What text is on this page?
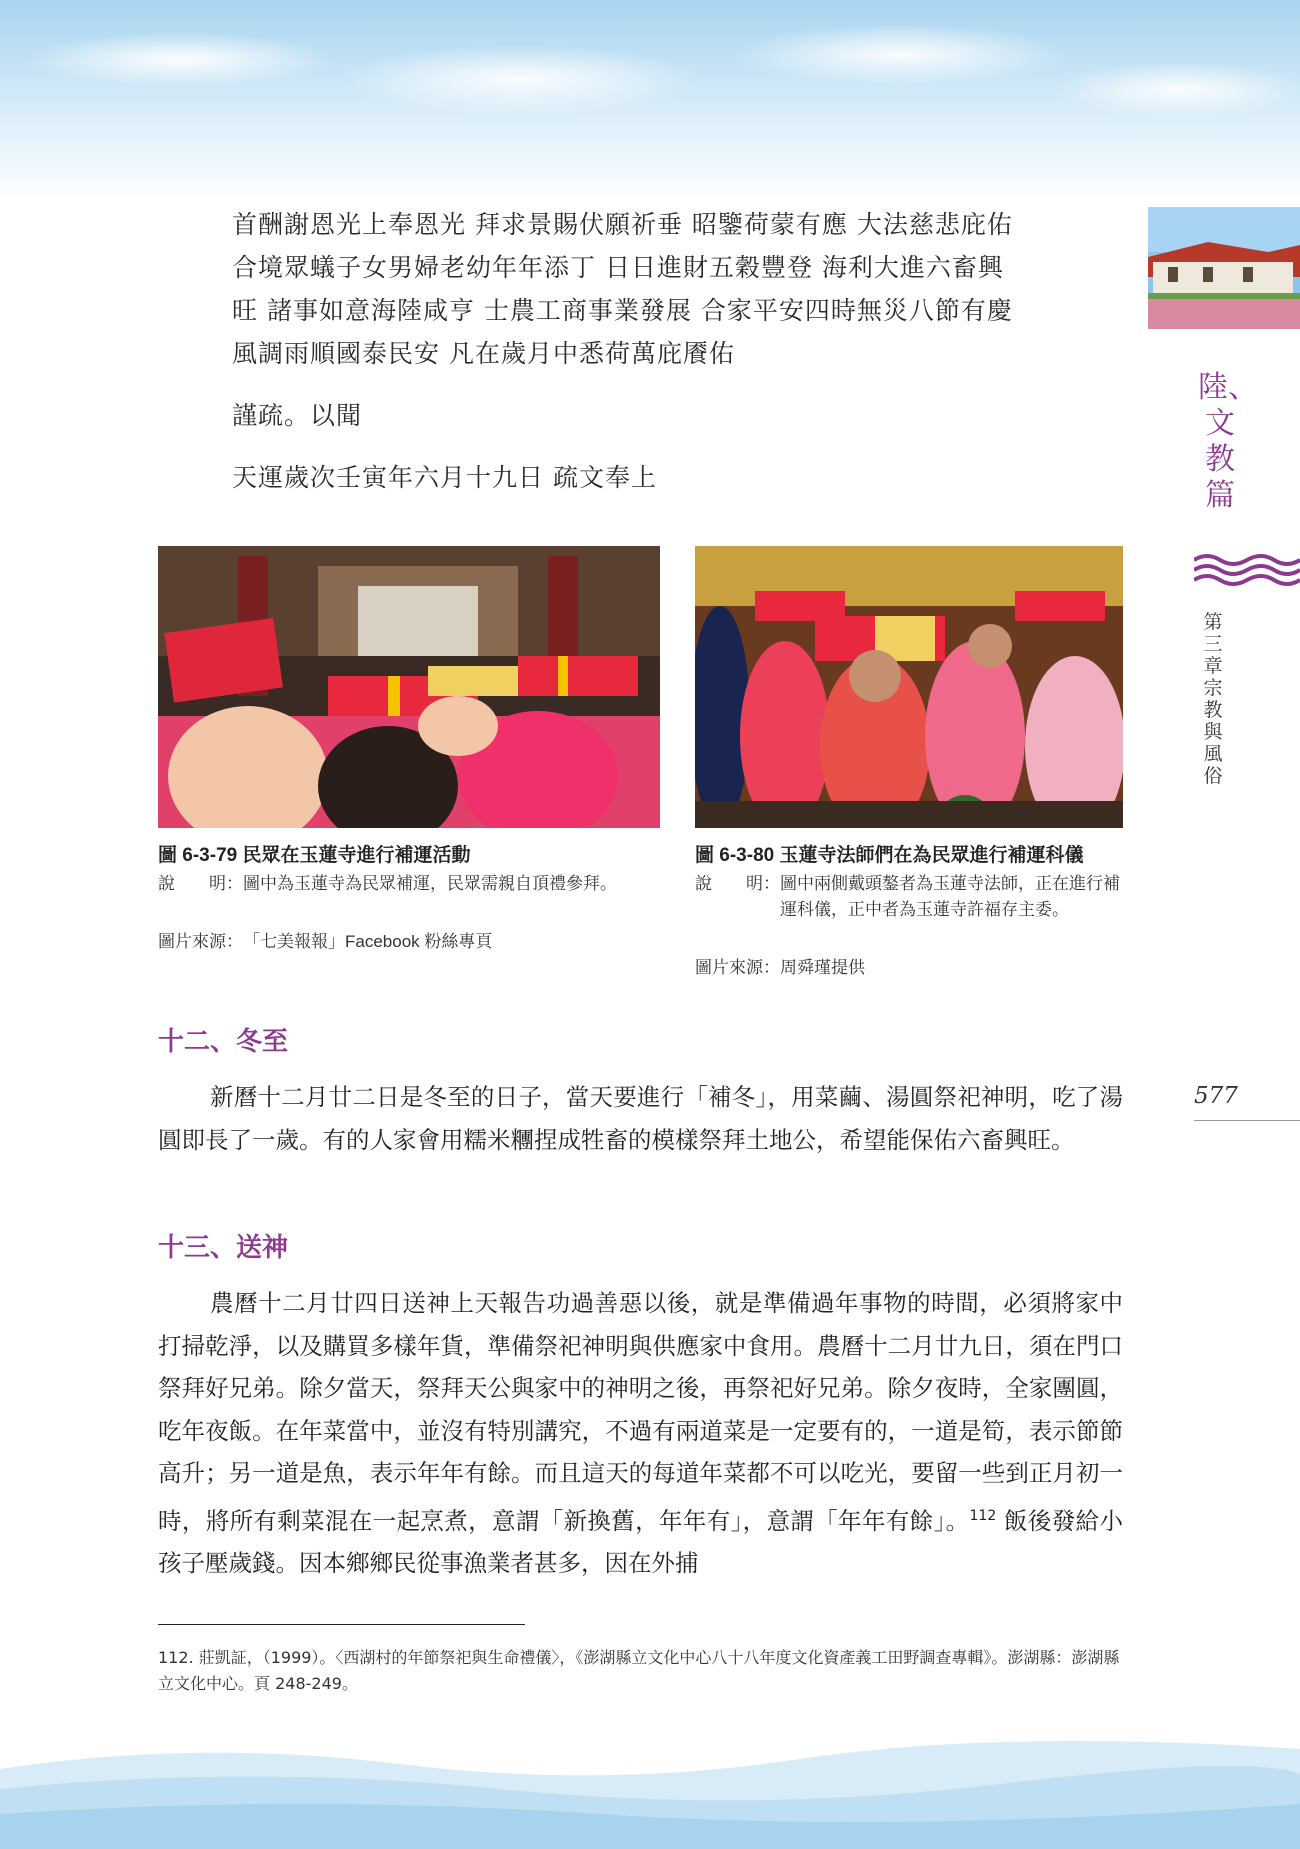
首酬謝恩光上奉恩光 拜求景賜伏願祈垂 昭鑒荷蒙有應 大法慈悲庇佑
合境眾蟻子女男婦老幼年年添丁 日日進財五穀豐登 海利大進六畜興
旺 諸事如意海陸咸亨 士農工商事業發展 合家平安四時無災八節有慶
風調雨順國泰民安 凡在歲月中悉荷萬庇餍佑
謹疏。以聞
天運歲次壬寅年六月十九日 疏文奉上
圖 6-3-79 民眾在玉蓮寺進行補運活動
說　　明： 圖中為玉蓮寺為民眾補運，民眾需親自頂禮參拜。
圖片來源： 「七美報報」Facebook 粉絲專頁
圖 6-3-80 玉蓮寺法師們在為民眾進行補運科儀
說　　明： 圖中兩側戴頭鏊者為玉蓮寺法師，正在進行補運科儀，正中者為玉蓮寺許福存主委。
圖片來源： 周舜瑾提供
十二、冬至
新曆十二月廿二日是冬至的日子，當天要進行「補冬」，用菜繭、湯圓祭祀神明，吃了湯圓即長了一歲。有的人家會用糯米糰捏成牲畜的模樣祭拜土地公，希望能保佑六畜興旺。
十三、送神
農曆十二月廿四日送神上天報告功過善惡以後，就是準備過年事物的時間，必須將家中打掃乾淨，以及購買多樣年貨，準備祭祀神明與供應家中食用。農曆十二月廿九日，須在門口祭拜好兄弟。除夕當天，祭拜天公與家中的神明之後，再祭祀好兄弟。除夕夜時，全家團圓，吃年夜飯。在年菜當中，並沒有特別講究，不過有兩道菜是一定要有的，一道是筍，表示節節高升；另一道是魚，表示年年有餘。而且這天的每道年菜都不可以吃光，要留一些到正月初一時，將所有剩菜混在一起烹煮，意謂「新換舊，年年有」，意謂「年年有餘」。$^{112}$ 飯後發給小孩子壓歲錢。因本鄉鄉民從事漁業者甚多，因在外捕
112. 莊凱証，（1999）。〈西湖村的年節祭祀與生命禮儀〉，《澎湖縣立文化中心八十八年度文化資產義工田野調查專輯》。澎湖縣：澎湖縣立文化中心。頁 248-249。
陸、文教篇
第三章 宗教與風俗
577
